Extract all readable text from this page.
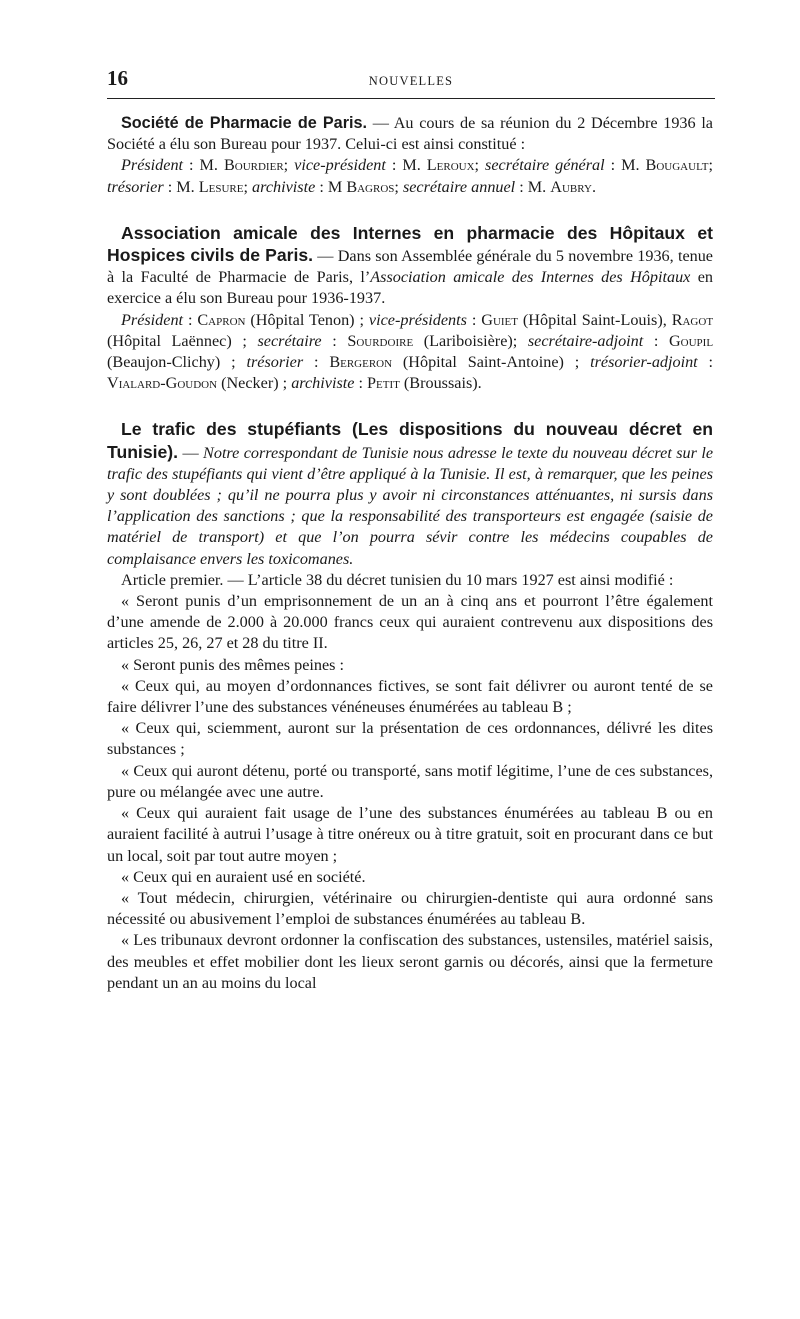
16	NOUVELLES

Société de Pharmacie de Paris. — Au cours de sa réunion du 2 Décembre 1936 la Société a élu son Bureau pour 1937. Celui-ci est ainsi constitué :

Président : M. Bourdier; vice-président : M. Leroux; secrétaire général : M. Bougault; trésorier : M. Lesure; archiviste : M Bagros; secrétaire annuel : M. Aubry.

Association amicale des Internes en pharmacie des Hôpitaux et Hospices civils de Paris. — Dans son Assemblée générale du 5 novembre 1936, tenue à la Faculté de Pharmacie de Paris, l’Association amicale des Internes des Hôpitaux en exercice a élu son Bureau pour 1936-1937.

Président : Capron (Hôpital Tenon) ; vice-présidents : Guiet (Hôpital Saint-Louis), Ragot (Hôpital Laënnec) ; secrétaire : Sourdoire (Lariboisière); secrétaire-adjoint : Goupil (Beaujon-Clichy) ; trésorier : Bergeron (Hôpital Saint-Antoine) ; trésorier-adjoint : Vialard-Goudon (Necker) ; archiviste : Petit (Broussais).

Le trafic des stupéfiants (Les dispositions du nouveau décret en Tunisie). — Notre correspondant de Tunisie nous adresse le texte du nouveau décret sur le trafic des stupéfiants qui vient d’être appliqué à la Tunisie. Il est, à remarquer, que les peines y sont doublées ; qu’il ne pourra plus y avoir ni circonstances atténuantes, ni sursis dans l’application des sanctions ; que la responsabilité des transporteurs est engagée (saisie de matériel de transport) et que l’on pourra sévir contre les médecins coupables de complaisance envers les toxicomanes.

Article premier. — L’article 38 du décret tunisien du 10 mars 1927 est ainsi modifié :

« Seront punis d’un emprisonnement de un an à cinq ans et pourront l’être également d’une amende de 2.000 à 20.000 francs ceux qui auraient contrevenu aux dispositions des articles 25, 26, 27 et 28 du titre II.

« Seront punis des mêmes peines :

« Ceux qui, au moyen d’ordonnances fictives, se sont fait délivrer ou auront tenté de se faire délivrer l’une des substances vénéneuses énumérées au tableau B ;

« Ceux qui, sciemment, auront sur la présentation de ces ordonnances, délivré les dites substances ;

« Ceux qui auront détenu, porté ou transporté, sans motif légitime, l’une de ces substances, pure ou mélangée avec une autre.

« Ceux qui auraient fait usage de l’une des substances énumérées au tableau B ou en auraient facilité à autrui l’usage à titre onéreux ou à titre gratuit, soit en procurant dans ce but un local, soit par tout autre moyen ;

« Ceux qui en auraient usé en société.

« Tout médecin, chirurgien, vétérinaire ou chirurgien-dentiste qui aura ordonné sans nécessité ou abusivement l’emploi de substances énumérées au tableau B.

« Les tribunaux devront ordonner la confiscation des substances, ustensiles, matériel saisis, des meubles et effet mobilier dont les lieux seront garnis ou décorés, ainsi que la fermeture pendant un an au moins du local
